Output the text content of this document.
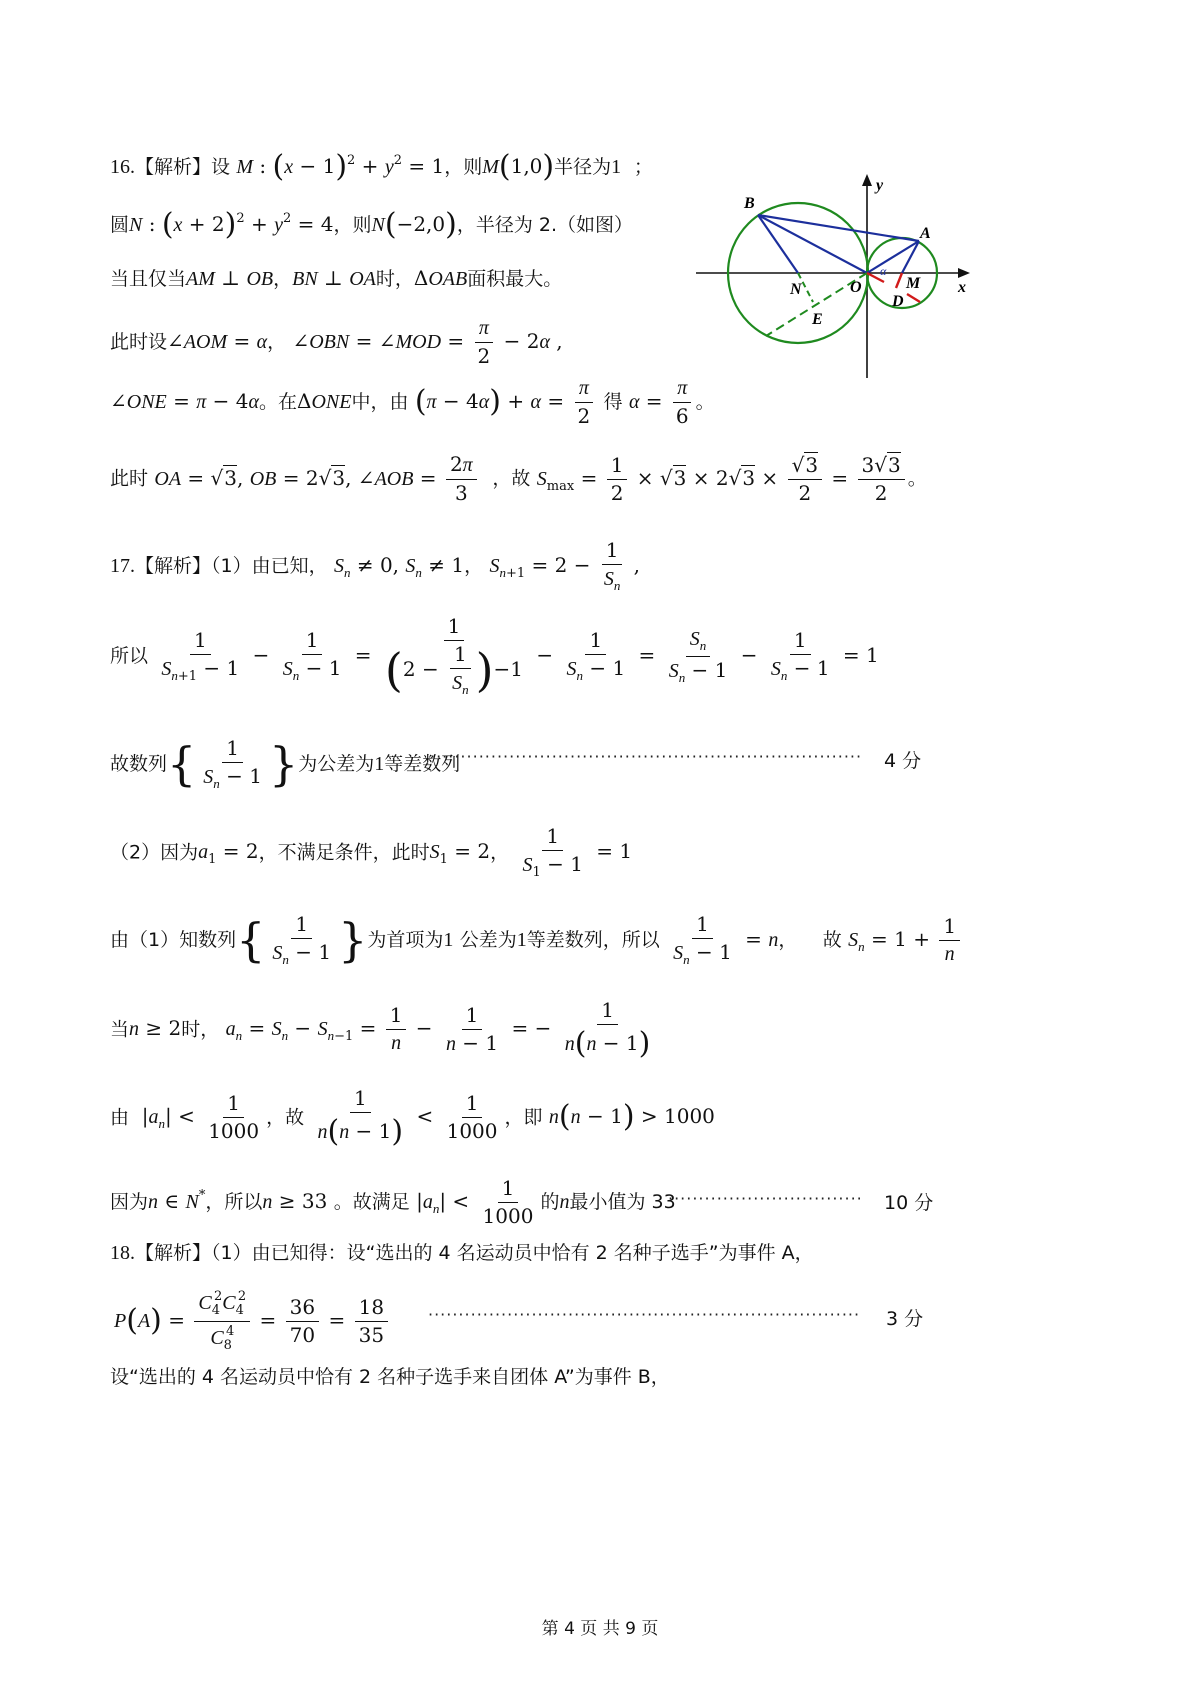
16.【解析】设 M : $(x - 1)^2 + y^2 = 1$，则M(1,0)半径为1 ；
圆N : $(x + 2)^2 + y^2 = 4$，则N(−2,0)，半径为 2.（如图）
当且仅当AM ⊥ OB，BN ⊥ OA时，ΔOAB面积最大。
此时设∠AOM = α， ∠OBN = ∠MOD = $\frac{\pi}{2} - 2\alpha$ ,
∠ONE = π − 4α。在ΔONE中，由 $(\pi - 4\alpha) + \alpha = \frac{\pi}{2}$ 得 $\alpha = \frac{\pi}{6}$ 。
此时 OA = √3, OB = 2√3, ∠AOB = $\frac{2\pi}{3}$ ，故 $S_{max} = \frac{1}{2} \times √3 \times 2√3 \times \frac{√3}{2} = \frac{3√3}{2}$ 。
B
A
y
x
N	O	M
D
E
α
17.【解析】（1）由已知， $S_n \ne 0$, $S_n \ne 1$， $S_{n+1} = 2 - \frac{1}{S_n}$ ,
所以 $\frac{1}{S_{n+1} - 1} - \frac{1}{S_n - 1} = \frac{1}{(2 - \frac{1}{S_n} )-1} - \frac{1}{S_n - 1} = \frac{S_n}{S_n - 1} - \frac{1}{S_n - 1} = 1$
故数列{ $\frac{1}{S_n - 1}$ }为公差为1等差数列
······································································· 4 分
（2）因为$a_1 = 2$，不满足条件，此时$S_1 = 2$， $\frac{1}{S_1 - 1} = 1$
由（1）知数列{ $\frac{1}{S_n - 1}$ }为首项为1 公差为1等差数列，所以 $\frac{1}{S_n - 1} = n$， 故 $S_n = 1 + \frac{1}{n}$
当n ≥ 2时， $a_n = S_n - S_{n-1} = \frac{1}{n} - \frac{1}{n - 1}$ = − $\frac{1}{n(n - 1)}$
由 $|a_n| < \frac{1}{1000}$ ，故 $\frac{1}{n(n - 1)} < \frac{1}{1000}$ ，即 n(n − 1) > 1000
因为n ∈ N*，所以n ≥ 33 。故满足 $|a_n| < \frac{1}{1000}$ 的n最小值为 33
································ 10 分
18.【解析】（1）由已知得：设“选出的 4 名运动员中恰有 2 名种子选手”为事件 A，
$P(A) = \frac{C_4^2C_4^2}{C_8^4} = \frac{36}{70} = \frac{18}{35}$ ······································································· 3 分
设“选出的 4 名运动员中恰有 2 名种子选手来自团体 A”为事件 B，
第 4 页 共 9 页
